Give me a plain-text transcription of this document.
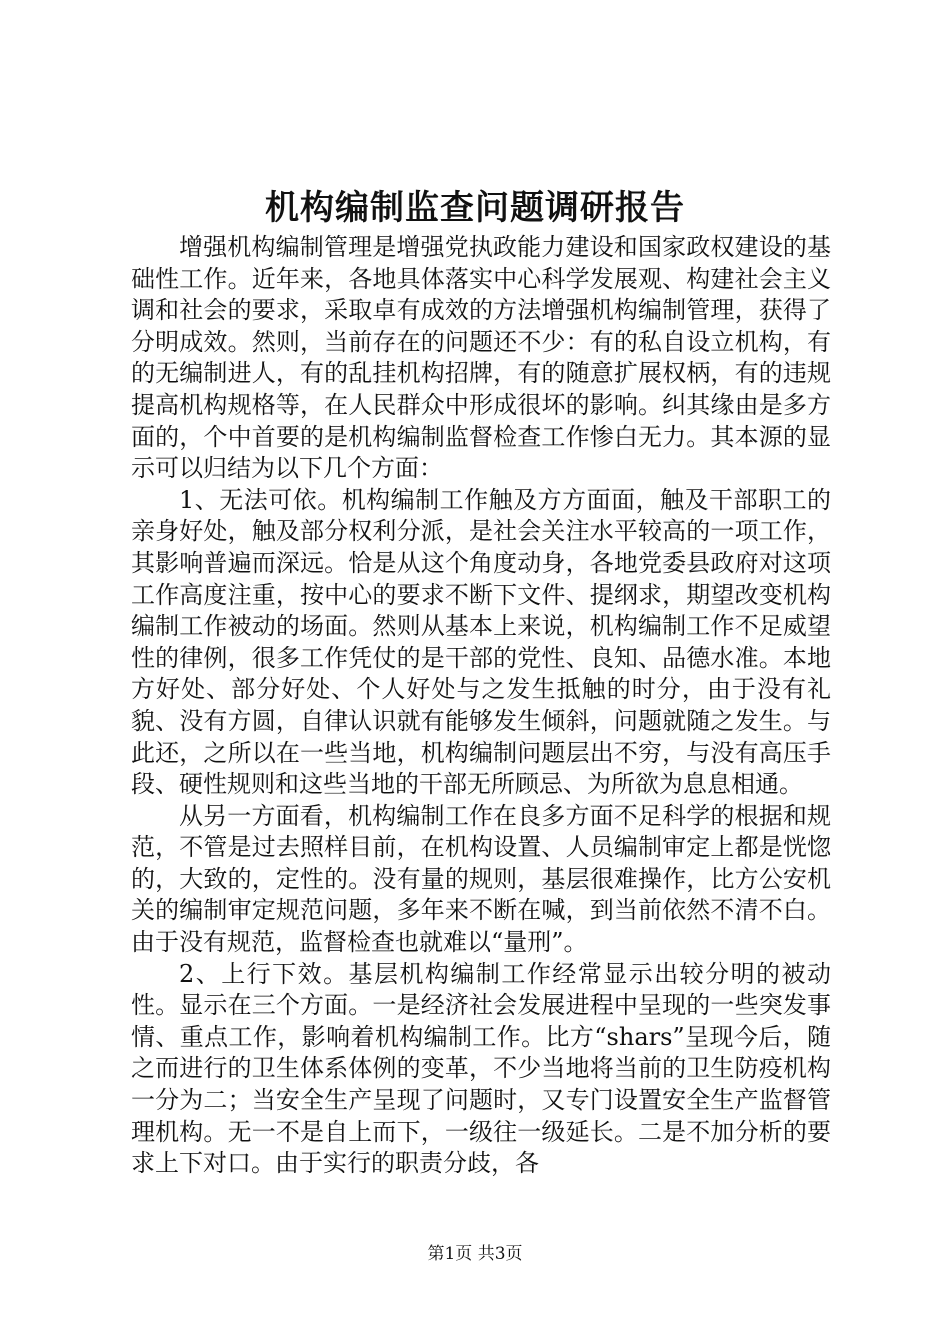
机构编制监查问题调研报告

增强机构编制管理是增强党执政能力建设和国家政权建设的基础性工作。近年来，各地具体落实中心科学发展观、构建社会主义调和社会的要求，采取卓有成效的方法增强机构编制管理，获得了分明成效。然则，当前存在的问题还不少：有的私自设立机构，有的无编制进人，有的乱挂机构招牌，有的随意扩展权柄，有的违规提高机构规格等，在人民群众中形成很坏的影响。纠其缘由是多方面的，个中首要的是机构编制监督检查工作惨白无力。其本源的显示可以归结为以下几个方面：

1、无法可依。机构编制工作触及方方面面，触及干部职工的亲身好处，触及部分权利分派，是社会关注水平较高的一项工作，其影响普遍而深远。恰是从这个角度动身，各地党委县政府对这项工作高度注重，按中心的要求不断下文件、提纲求，期望改变机构编制工作被动的场面。然则从基本上来说，机构编制工作不足威望性的律例，很多工作凭仗的是干部的党性、良知、品德水准。本地方好处、部分好处、个人好处与之发生抵触的时分，由于没有礼貌、没有方圆，自律认识就有能够发生倾斜，问题就随之发生。与此还，之所以在一些当地，机构编制问题层出不穷，与没有高压手段、硬性规则和这些当地的干部无所顾忌、为所欲为息息相通。

从另一方面看，机构编制工作在良多方面不足科学的根据和规范，不管是过去照样目前，在机构设置、人员编制审定上都是恍惚的，大致的，定性的。没有量的规则，基层很难操作，比方公安机关的编制审定规范问题，多年来不断在喊，到当前依然不清不白。由于没有规范，监督检查也就难以“量刑”。

2、上行下效。基层机构编制工作经常显示出较分明的被动性。显示在三个方面。一是经济社会发展进程中呈现的一些突发事情、重点工作，影响着机构编制工作。比方“shars”呈现今后，随之而进行的卫生体系体例的变革，不少当地将当前的卫生防疫机构一分为二；当安全生产呈现了问题时，又专门设置安全生产监督管理机构。无一不是自上而下，一级往一级延长。二是不加分析的要求上下对口。由于实行的职责分歧，各

第1页 共3页
